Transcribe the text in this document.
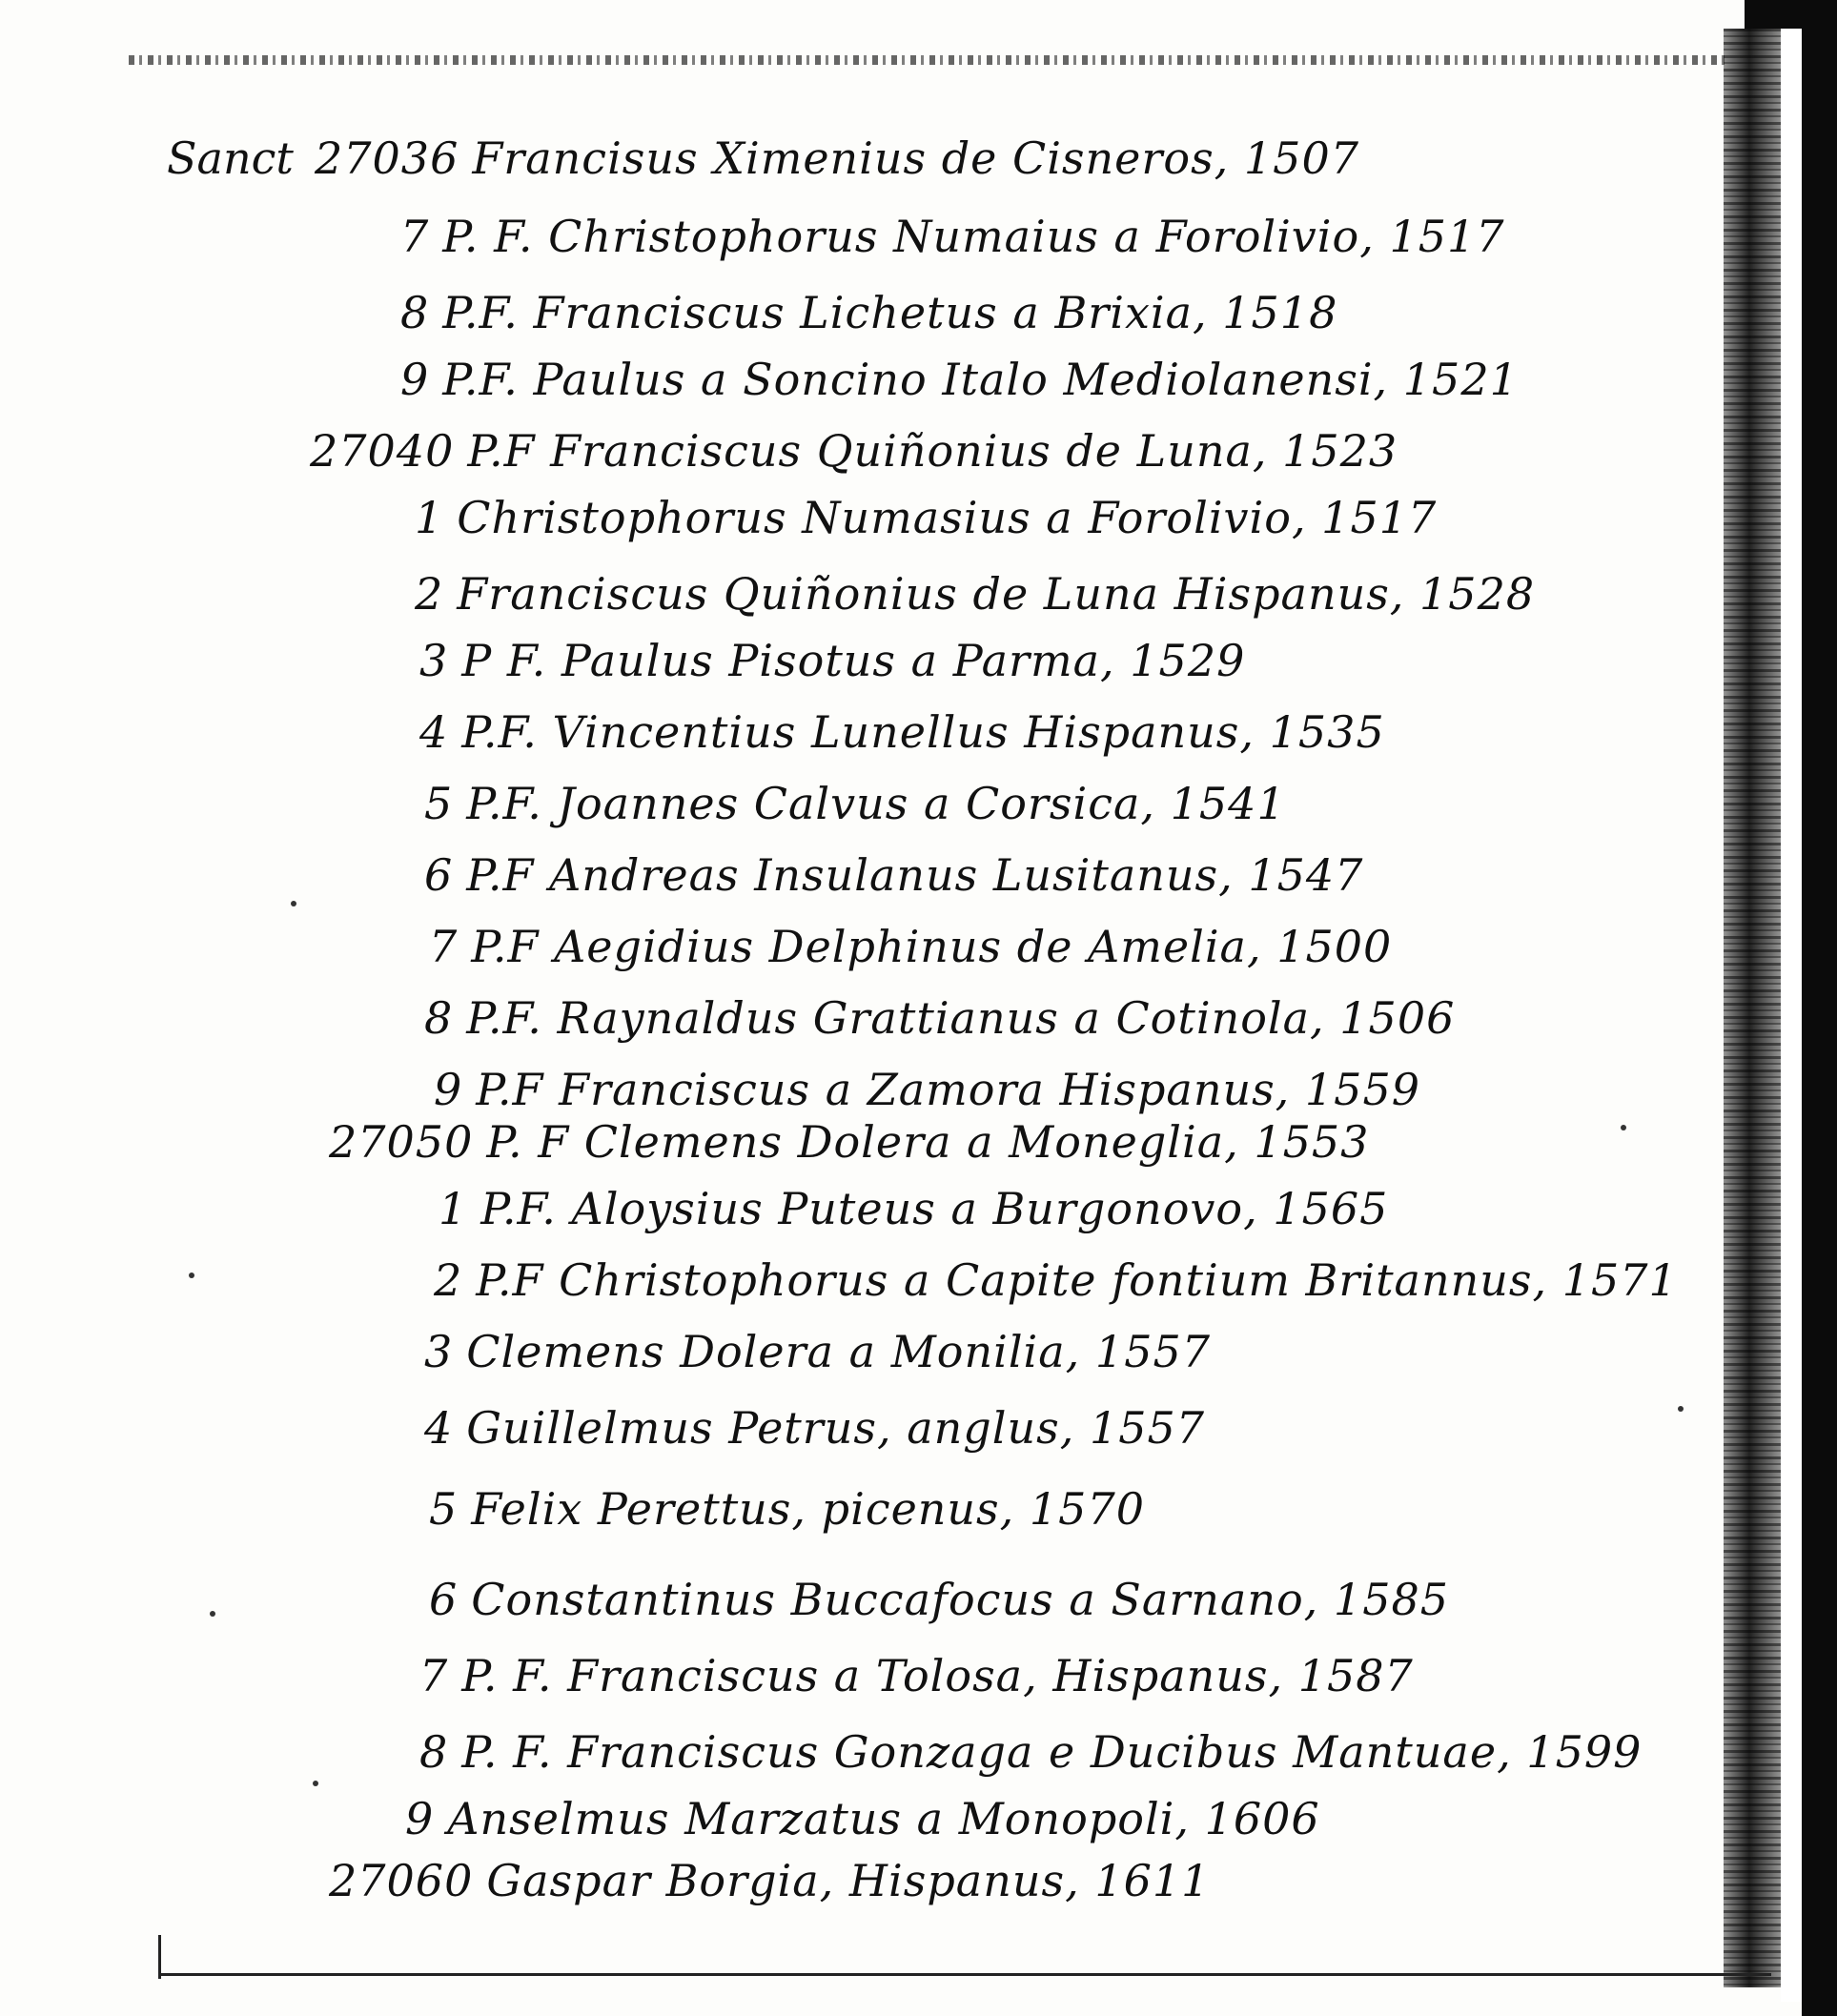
Sanct 27036 Francisus Ximenius de Cisneros, 1507
7 P. F. Christophorus Numaius a Forolivio, 1517
8 P.F. Franciscus Lichetus a Brixia, 1518
9 P.F. Paulus a Soncino Italo Mediolanensi, 1521
27040 P.F Franciscus Quiñonius de Luna, 1523
1 Christophorus Numasius a Forolivio, 1517
2 Franciscus Quiñonius de Luna Hispanus, 1528
3 P F. Paulus Pisotus a Parma, 1529
4 P.F. Vincentius Lunellus Hispanus, 1535
5 P.F. Joannes Calvus a Corsica, 1541
6 P.F Andreas Insulanus Lusitanus, 1547
7 P.F Aegidius Delphinus de Amelia, 1500
8 P.F. Raynaldus Grattianus a Cotinola, 1506
9 P.F Franciscus a Zamora Hispanus, 1559
27050 P. F Clemens Dolera a Moneglia, 1553
1 P.F. Aloysius Puteus a Burgonovo, 1565
2 P.F Christophorus a Capite fontium Britannus, 1571
3 Clemens Dolera a Monilia, 1557
4 Guillelmus Petrus, anglus, 1557
5 Felix Perettus, picenus, 1570
6 Constantinus Buccafocus a Sarnano, 1585
7 P. F. Franciscus a Tolosa, Hispanus, 1587
8 P. F. Franciscus Gonzaga e Ducibus Mantuae, 1599
9 Anselmus Marzatus a Monopoli, 1606
27060 Gaspar Borgia, Hispanus, 1611
